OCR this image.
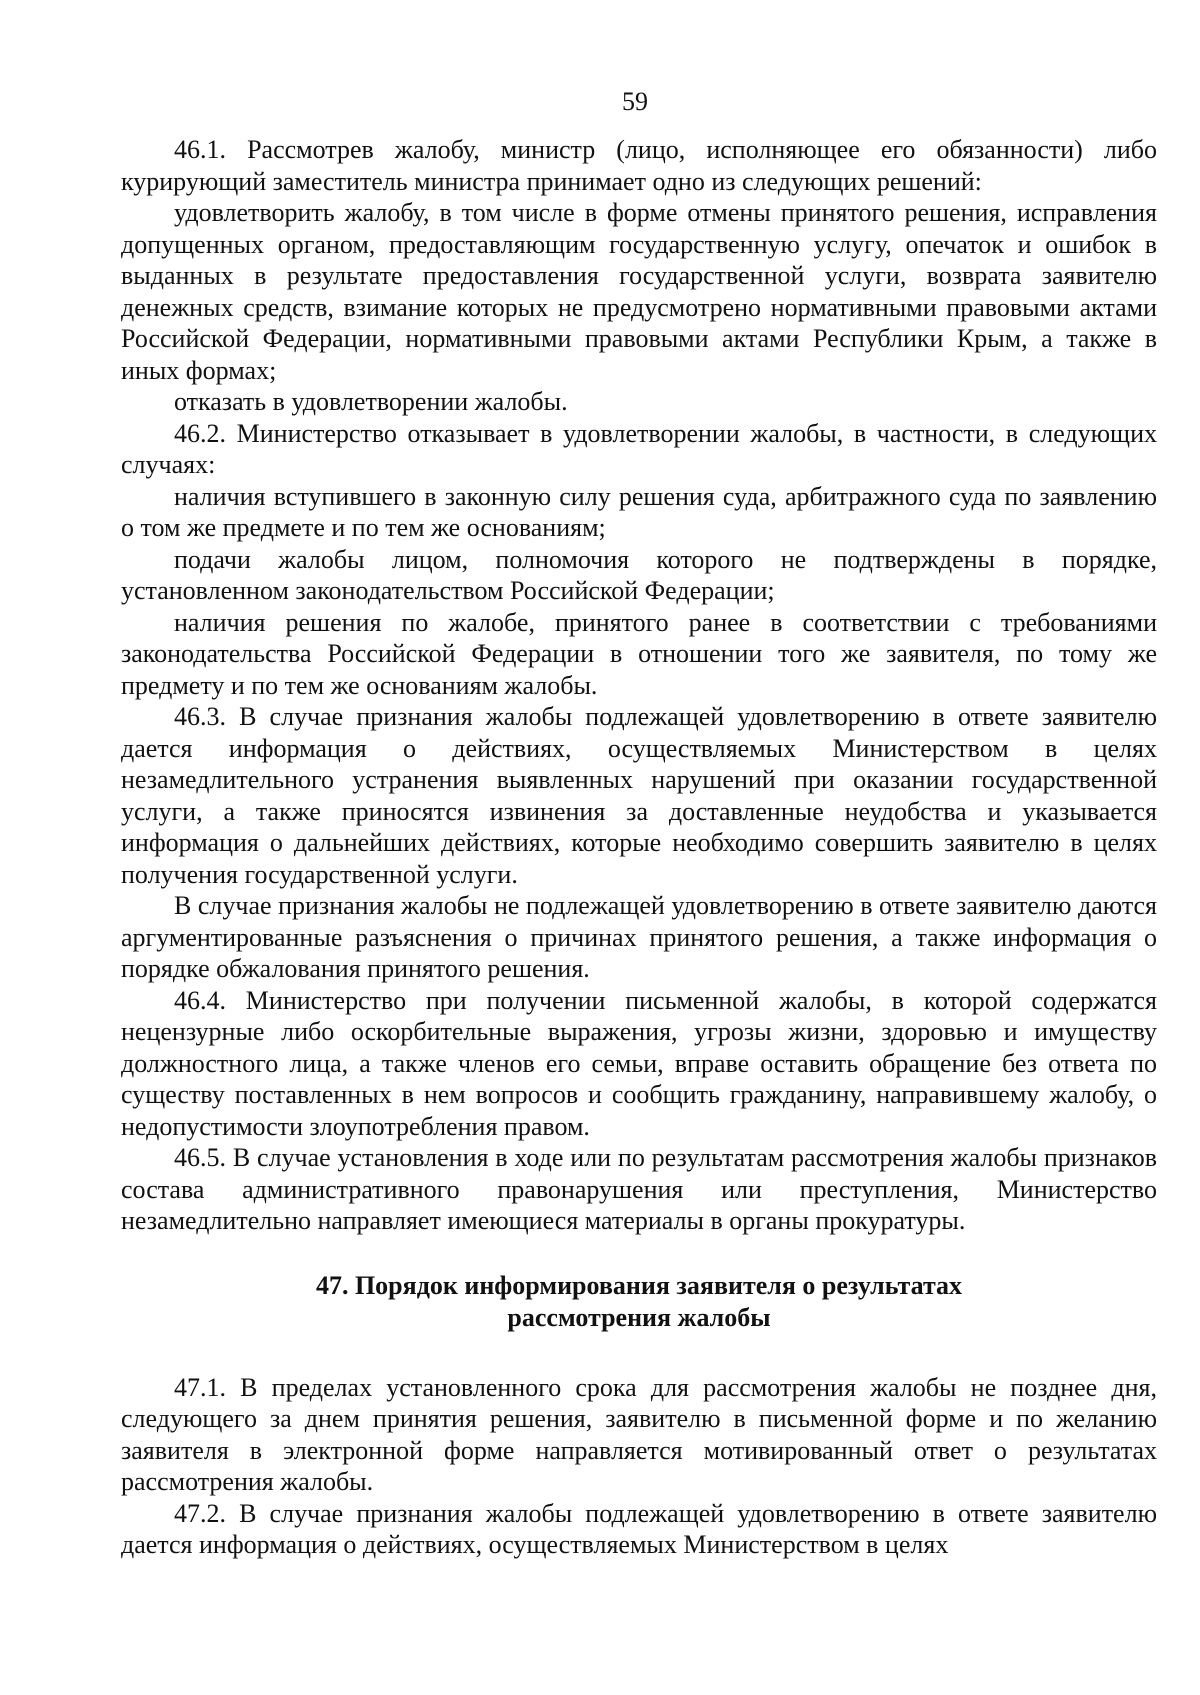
59

46.1. Рассмотрев жалобу, министр (лицо, исполняющее его обязанности) либо курирующий заместитель министра принимает одно из следующих решений:

удовлетворить жалобу, в том числе в форме отмены принятого решения, исправления допущенных органом, предоставляющим государственную услугу, опечаток и ошибок в выданных в результате предоставления государственной услуги, возврата заявителю денежных средств, взимание которых не предусмотрено нормативными правовыми актами Российской Федерации, нормативными правовыми актами Республики Крым, а также в иных формах;

отказать в удовлетворении жалобы.

46.2. Министерство отказывает в удовлетворении жалобы, в частности, в следующих случаях:

наличия вступившего в законную силу решения суда, арбитражного суда по заявлению о том же предмете и по тем же основаниям;

подачи жалобы лицом, полномочия которого не подтверждены в порядке, установленном законодательством Российской Федерации;

наличия решения по жалобе, принятого ранее в соответствии с требованиями законодательства Российской Федерации в отношении того же заявителя, по тому же предмету и по тем же основаниям жалобы.

46.3. В случае признания жалобы подлежащей удовлетворению в ответе заявителю дается информация о действиях, осуществляемых Министерством в целях незамедлительного устранения выявленных нарушений при оказании государственной услуги, а также приносятся извинения за доставленные неудобства и указывается информация о дальнейших действиях, которые необходимо совершить заявителю в целях получения государственной услуги.

В случае признания жалобы не подлежащей удовлетворению в ответе заявителю даются аргументированные разъяснения о причинах принятого решения, а также информация о порядке обжалования принятого решения.

46.4. Министерство при получении письменной жалобы, в которой содержатся нецензурные либо оскорбительные выражения, угрозы жизни, здоровью и имуществу должностного лица, а также членов его семьи, вправе оставить обращение без ответа по существу поставленных в нем вопросов и сообщить гражданину, направившему жалобу, о недопустимости злоупотребления правом.

46.5. В случае установления в ходе или по результатам рассмотрения жалобы признаков состава административного правонарушения или преступления, Министерство незамедлительно направляет имеющиеся материалы в органы прокуратуры.

47. Порядок информирования заявителя о результатах
рассмотрения жалобы

47.1. В пределах установленного срока для рассмотрения жалобы не позднее дня, следующего за днем принятия решения, заявителю в письменной форме и по желанию заявителя в электронной форме направляется мотивированный ответ о результатах рассмотрения жалобы.

47.2. В случае признания жалобы подлежащей удовлетворению в ответе заявителю дается информация о действиях, осуществляемых Министерством в целях
